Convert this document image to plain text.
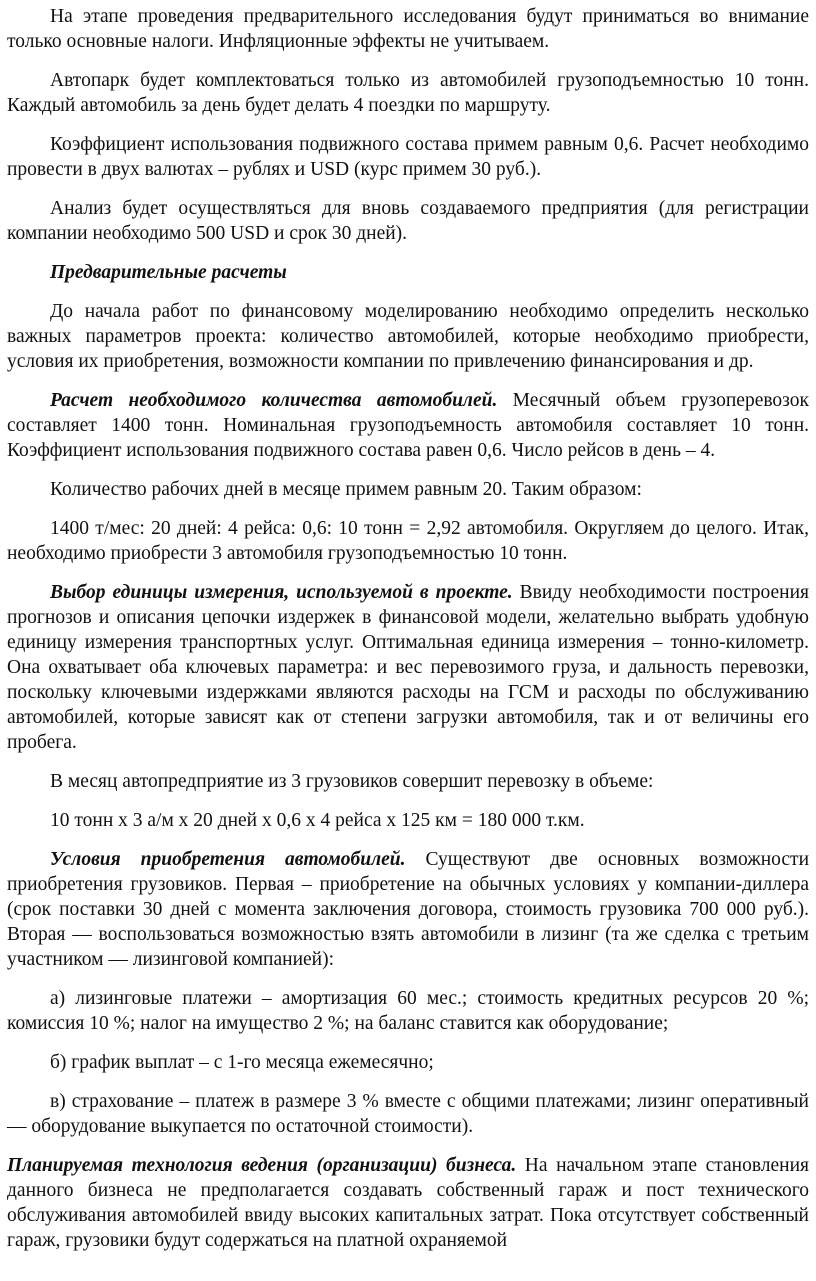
На этапе проведения предварительного исследования будут приниматься во внимание только основные налоги. Инфляционные эффекты не учитываем.

Автопарк будет комплектоваться только из автомобилей грузоподъемностью 10 тонн. Каждый автомобиль за день будет делать 4 поездки по маршруту.

Коэффициент использования подвижного состава примем равным 0,6. Расчет необходимо провести в двух валютах – рублях и USD (курс примем 30 руб.).

Анализ будет осуществляться для вновь создаваемого предприятия (для регистрации компании необходимо 500 USD и срок 30 дней).

Предварительные расчеты

До начала работ по финансовому моделированию необходимо определить несколько важных параметров проекта: количество автомобилей, которые необходимо приобрести, условия их приобретения, возможности компании по привлечению финансирования и др.

Расчет необходимого количества автомобилей. Месячный объем грузоперевозок составляет 1400 тонн. Номинальная грузоподъемность автомобиля составляет 10 тонн. Коэффициент использования подвижного состава равен 0,6. Число рейсов в день – 4.

Количество рабочих дней в месяце примем равным 20. Таким образом:

1400 т/мес: 20 дней: 4 рейса: 0,6: 10 тонн = 2,92 автомобиля. Округляем до целого. Итак, необходимо приобрести 3 автомобиля грузоподъемностью 10 тонн.

Выбор единицы измерения, используемой в проекте. Ввиду необходимости построения прогнозов и описания цепочки издержек в финансовой модели, желательно выбрать удобную единицу измерения транспортных услуг. Оптимальная единица измерения – тонно-километр. Она охватывает оба ключевых параметра: и вес перевозимого груза, и дальность перевозки, поскольку ключевыми издержками являются расходы на ГСМ и расходы по обслуживанию автомобилей, которые зависят как от степени загрузки автомобиля, так и от величины его пробега.

В месяц автопредприятие из 3 грузовиков совершит перевозку в объеме:

10 тонн х 3 а/м х 20 дней х 0,6 х 4 рейса х 125 км = 180 000 т.км.

Условия приобретения автомобилей. Существуют две основных возможности приобретения грузовиков. Первая – приобретение на обычных условиях у компании-диллера (срок поставки 30 дней с момента заключения договора, стоимость грузовика 700 000 руб.). Вторая — воспользоваться возможностью взять автомобили в лизинг (та же сделка с третьим участником — лизинговой компанией):

а) лизинговые платежи – амортизация 60 мес.; стоимость кредитных ресурсов 20 %; комиссия 10 %; налог на имущество 2 %; на баланс ставится как оборудование;

б) график выплат – с 1-го месяца ежемесячно;

в) страхование – платеж в размере 3 % вместе с общими платежами; лизинг оперативный — оборудование выкупается по остаточной стоимости).

Планируемая технология ведения (организации) бизнеса. На начальном этапе становления данного бизнеса не предполагается создавать собственный гараж и пост технического обслуживания автомобилей ввиду высоких капитальных затрат. Пока отсутствует собственный гараж, грузовики будут содержаться на платной охраняемой
